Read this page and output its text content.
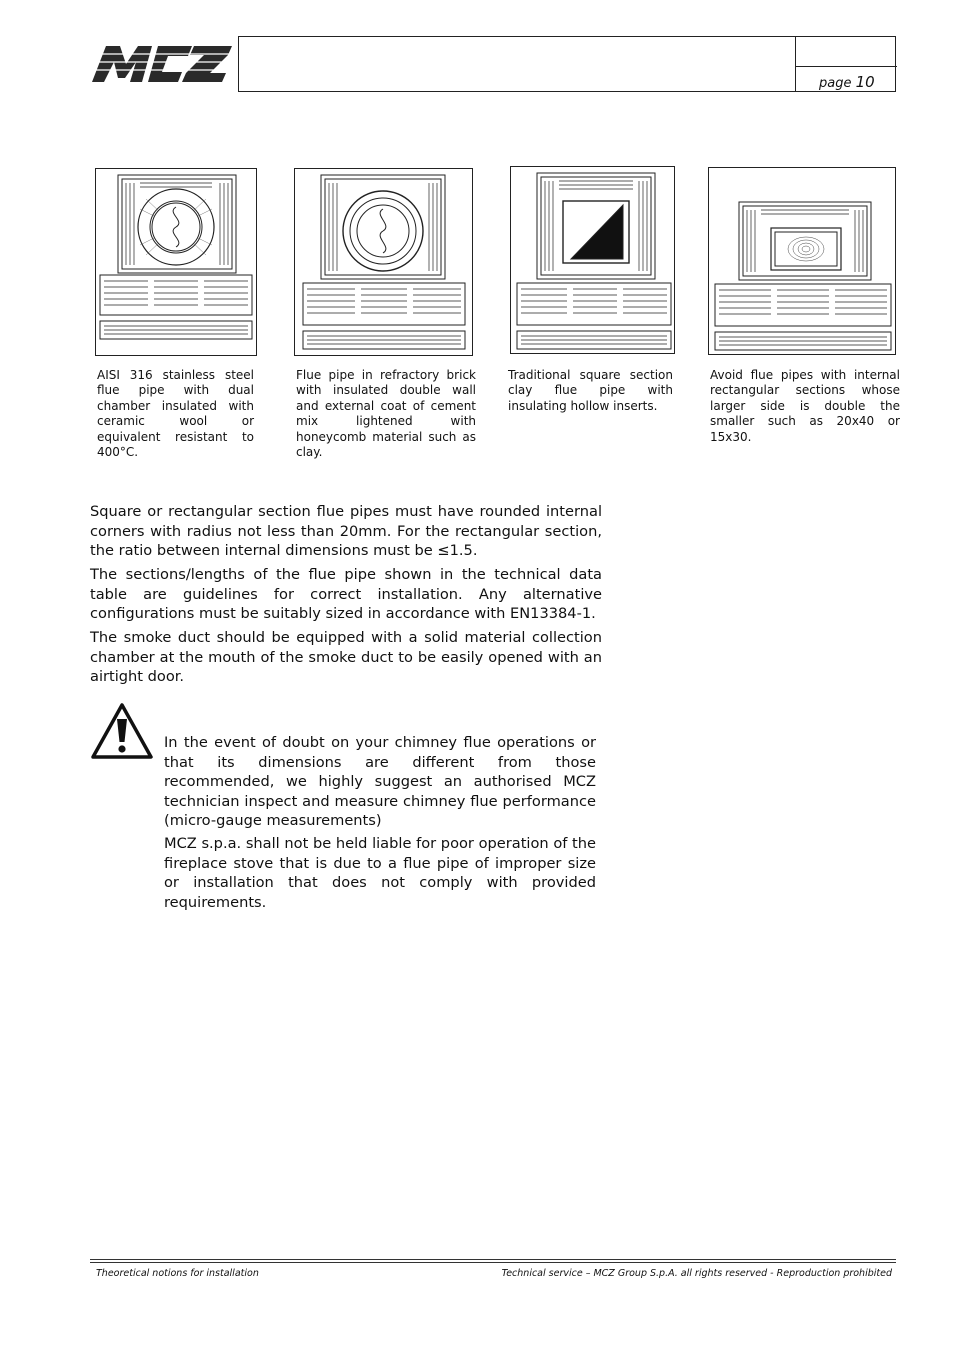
page 10
AISI 316 stainless steel flue pipe with dual chamber insulated with ceramic wool or equivalent resistant to 400°C.
Flue pipe in refractory brick with insulated double wall and external coat of cement mix lightened with honeycomb material such as clay.
Traditional square section clay flue pipe with insulating hollow inserts.
Avoid flue pipes with internal rectangular sections whose larger side is double the smaller such as 20x40 or 15x30.
Square or rectangular section flue pipes must have rounded internal corners with radius not less than 20mm. For the rectangular section, the ratio between internal dimensions must be ≤1.5.
The sections/lengths of the flue pipe shown in the technical data table are guidelines for correct installation. Any alternative configurations must be suitably sized in accordance with EN13384-1.
The smoke duct should be equipped with a solid material collection chamber at the mouth of the smoke duct to be easily opened with an airtight door.
In the event of doubt on your chimney flue operations or that its dimensions are different from those recommended, we highly suggest an authorised MCZ technician inspect and measure chimney flue performance (micro-gauge measurements)
MCZ s.p.a. shall not be held liable for poor operation of the fireplace stove that is due to a flue pipe of improper size or installation that does not comply with provided requirements.
Theoretical notions for installation	Technical service – MCZ Group S.p.A. all rights reserved - Reproduction prohibited
